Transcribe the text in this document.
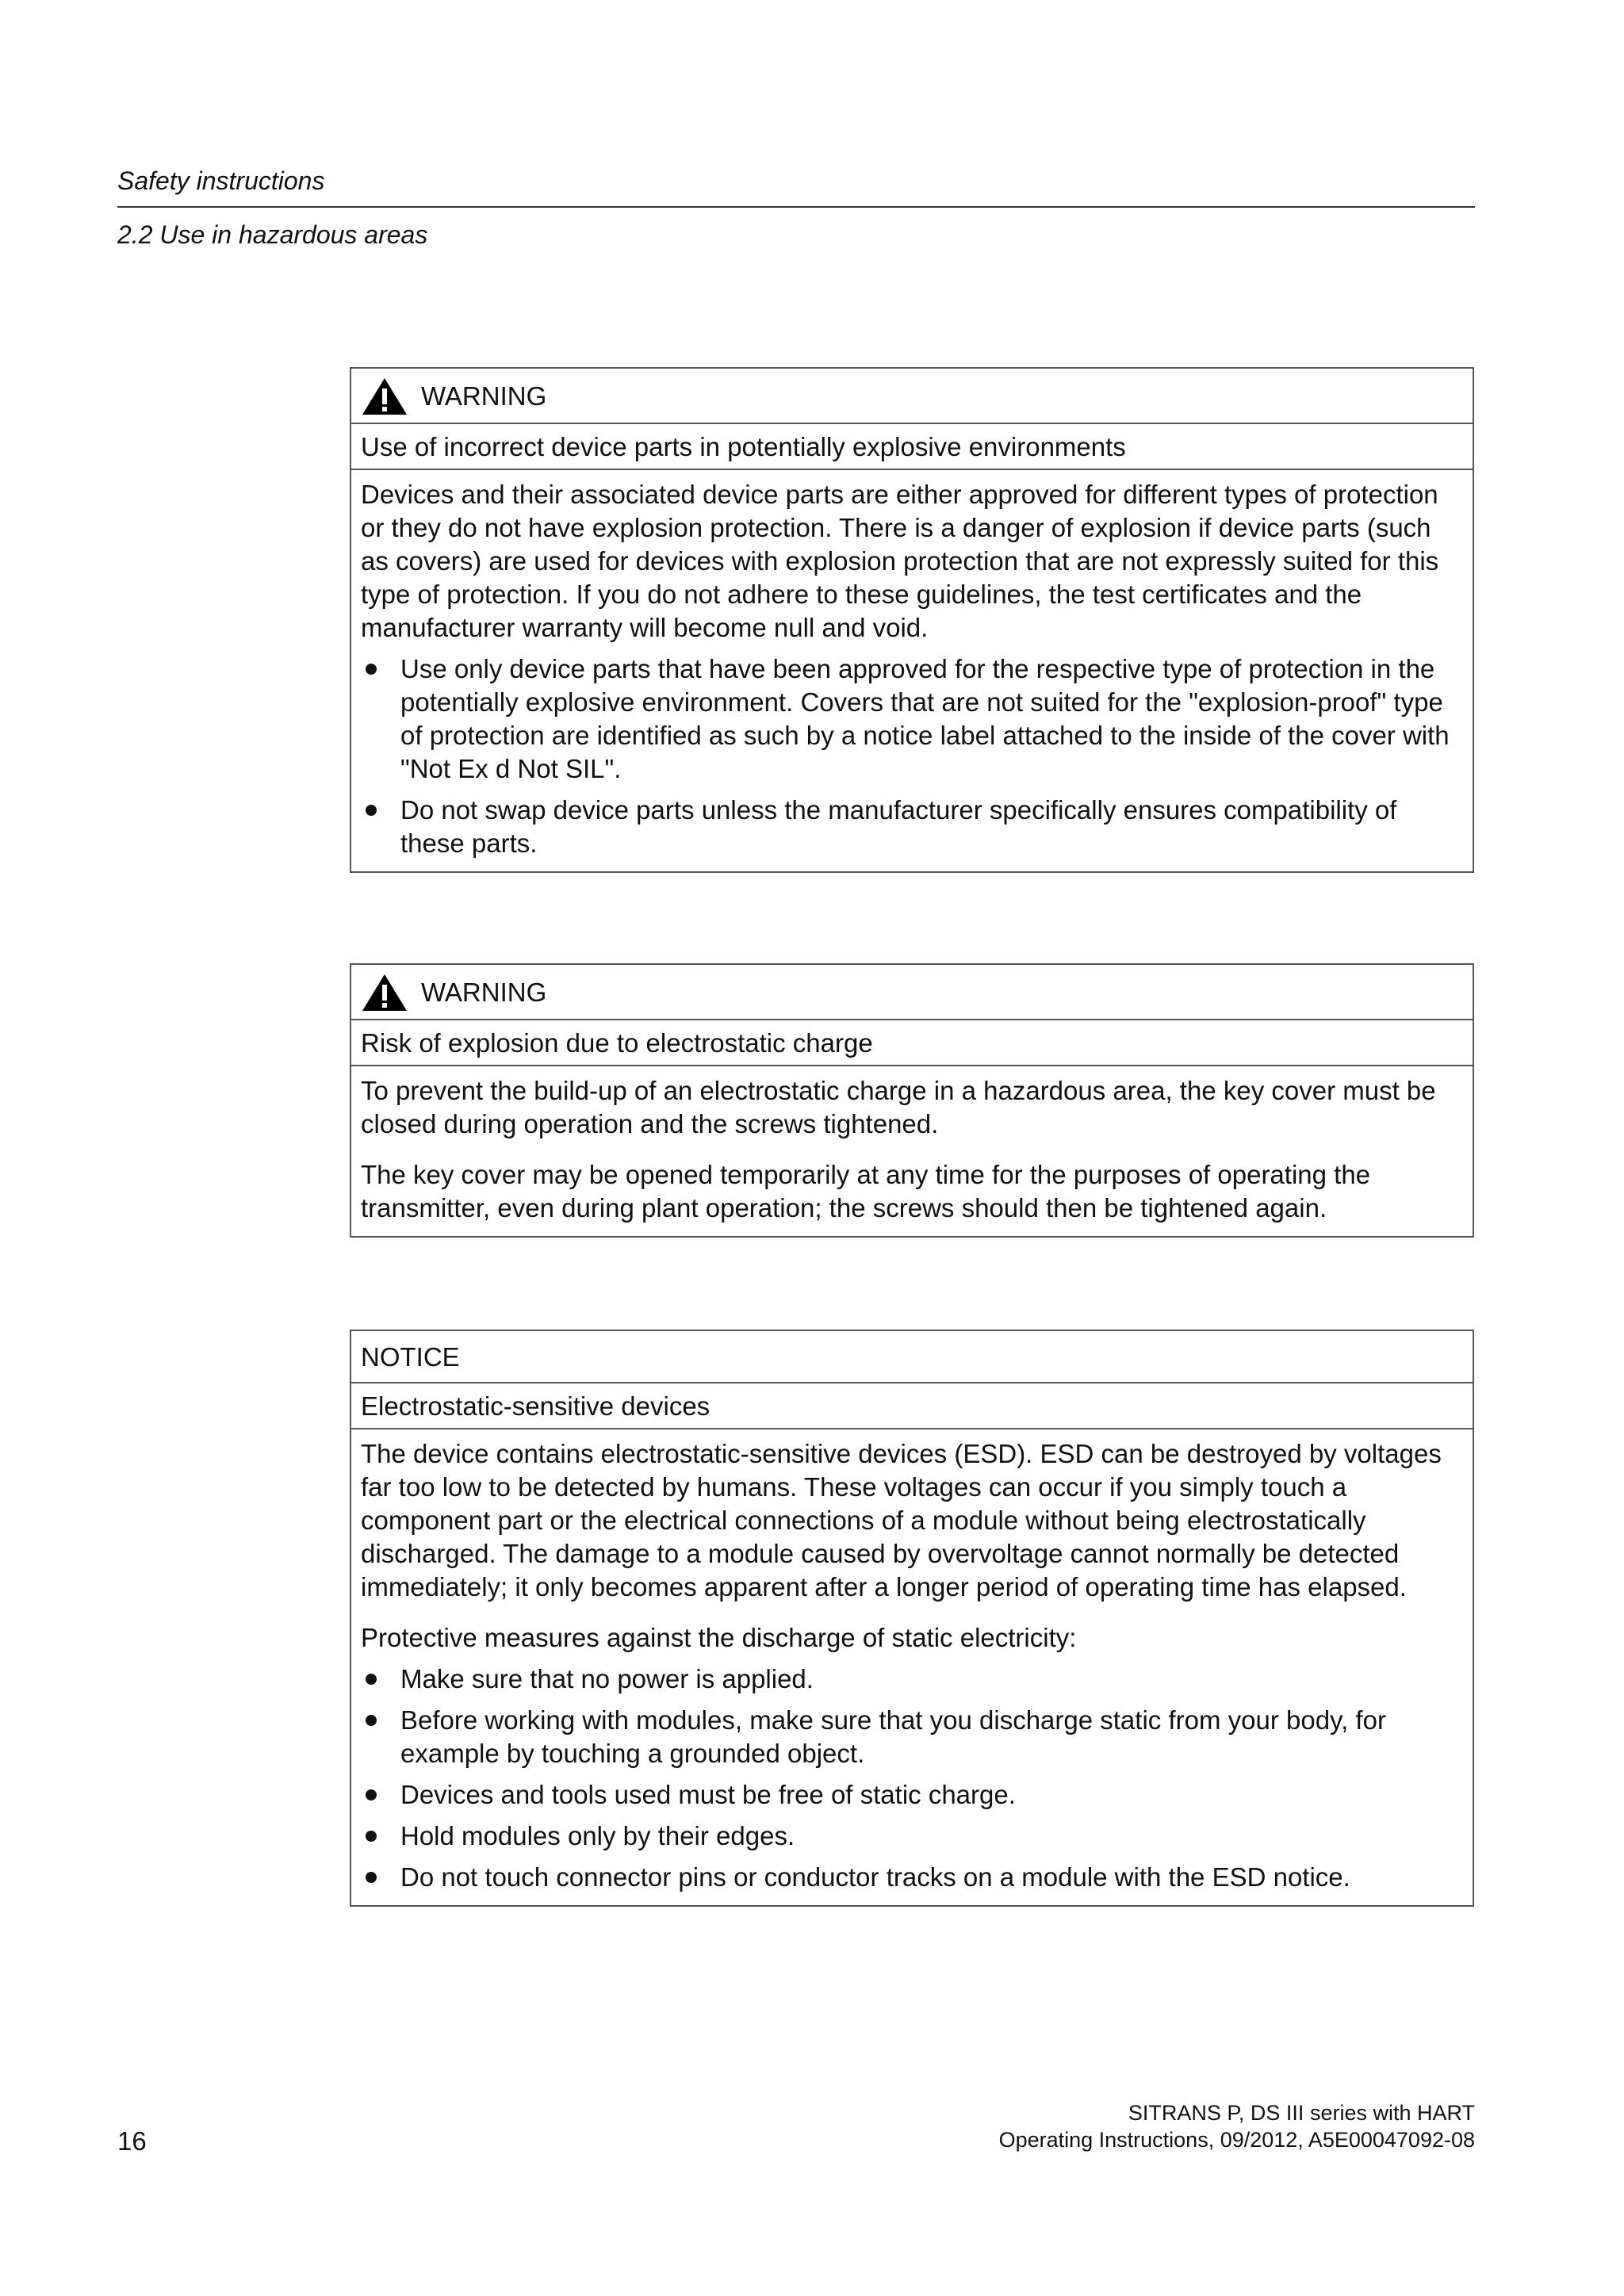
Safety instructions
2.2 Use in hazardous areas
WARNING
Use of incorrect device parts in potentially explosive environments

Devices and their associated device parts are either approved for different types of protection or they do not have explosion protection. There is a danger of explosion if device parts (such as covers) are used for devices with explosion protection that are not expressly suited for this type of protection. If you do not adhere to these guidelines, the test certificates and the manufacturer warranty will become null and void.

Use only device parts that have been approved for the respective type of protection in the potentially explosive environment. Covers that are not suited for the "explosion-proof" type of protection are identified as such by a notice label attached to the inside of the cover with "Not Ex d Not SIL".
Do not swap device parts unless the manufacturer specifically ensures compatibility of these parts.
WARNING
Risk of explosion due to electrostatic charge

To prevent the build-up of an electrostatic charge in a hazardous area, the key cover must be closed during operation and the screws tightened.

The key cover may be opened temporarily at any time for the purposes of operating the transmitter, even during plant operation; the screws should then be tightened again.

NOTICE
Electrostatic-sensitive devices

The device contains electrostatic-sensitive devices (ESD). ESD can be destroyed by voltages far too low to be detected by humans. These voltages can occur if you simply touch a component part or the electrical connections of a module without being electrostatically discharged. The damage to a module caused by overvoltage cannot normally be detected immediately; it only becomes apparent after a longer period of operating time has elapsed.

Protective measures against the discharge of static electricity:

Make sure that no power is applied.
Before working with modules, make sure that you discharge static from your body, for example by touching a grounded object.
Devices and tools used must be free of static charge.
Hold modules only by their edges.
Do not touch connector pins or conductor tracks on a module with the ESD notice.
16
SITRANS P, DS III series with HART
Operating Instructions, 09/2012, A5E00047092-08
